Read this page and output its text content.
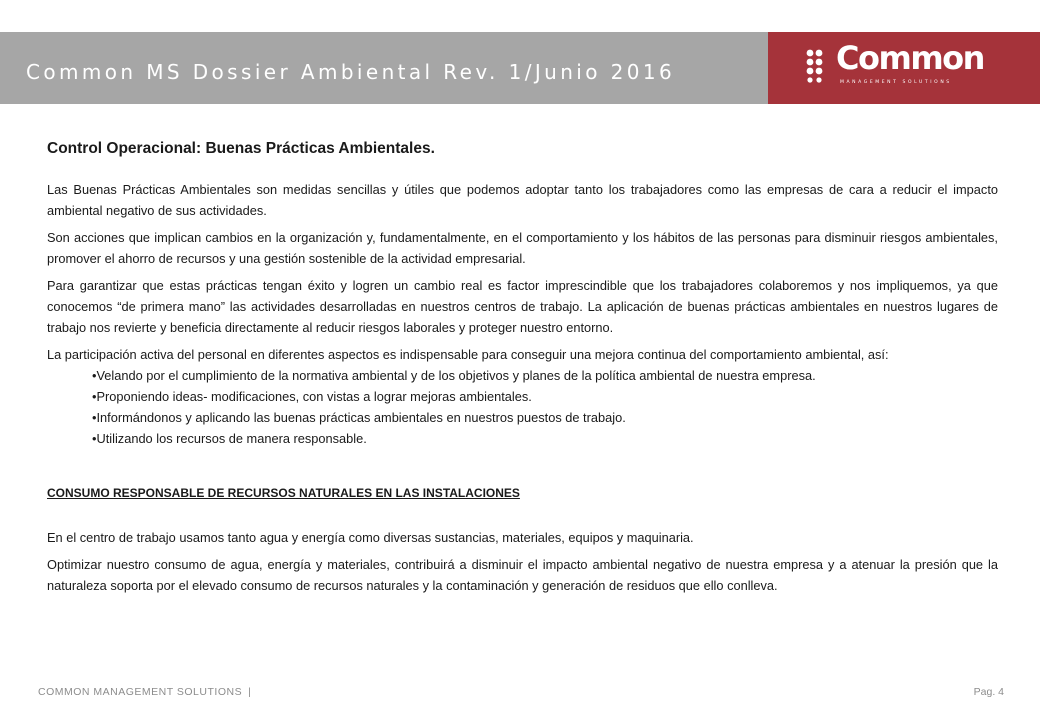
Common MS Dossier Ambiental Rev. 1/Junio 2016	Common
MANAGEMENT SOLUTIONS
Control Operacional: Buenas Prácticas Ambientales.

Las Buenas Prácticas Ambientales son medidas sencillas y útiles que podemos adoptar tanto los trabajadores como las empresas de cara a reducir el impacto ambiental negativo de sus actividades.

Son acciones que implican cambios en la organización y, fundamentalmente, en el comportamiento y los hábitos de las personas para disminuir riesgos ambientales, promover el ahorro de recursos y una gestión sostenible de la actividad empresarial.

Para garantizar que estas prácticas tengan éxito y logren un cambio real es factor imprescindible que los trabajadores colaboremos y nos impliquemos, ya que conocemos “de primera mano” las actividades desarrolladas en nuestros centros de trabajo. La aplicación de buenas prácticas ambientales en nuestros lugares de trabajo nos revierte y beneficia directamente al reducir riesgos laborales y proteger nuestro entorno.

La participación activa del personal en diferentes aspectos es indispensable para conseguir una mejora continua del comportamiento ambiental, así:

•Velando por el cumplimiento de la normativa ambiental y de los objetivos y planes de la política ambiental de nuestra empresa.
•Proponiendo ideas- modificaciones, con vistas a lograr mejoras ambientales.
•Informándonos y aplicando las buenas prácticas ambientales en nuestros puestos de trabajo.
•Utilizando los recursos de manera responsable.
CONSUMO RESPONSABLE DE RECURSOS NATURALES EN LAS INSTALACIONES

En el centro de trabajo usamos tanto agua y energía como diversas sustancias, materiales, equipos y maquinaria.

Optimizar nuestro consumo de agua, energía y materiales, contribuirá a disminuir el impacto ambiental negativo de nuestra empresa y a atenuar la presión que la naturaleza soporta por el elevado consumo de recursos naturales y la contaminación y generación de residuos que ello conlleva.

COMMON MANAGEMENT SOLUTIONS |	Pag. 4
